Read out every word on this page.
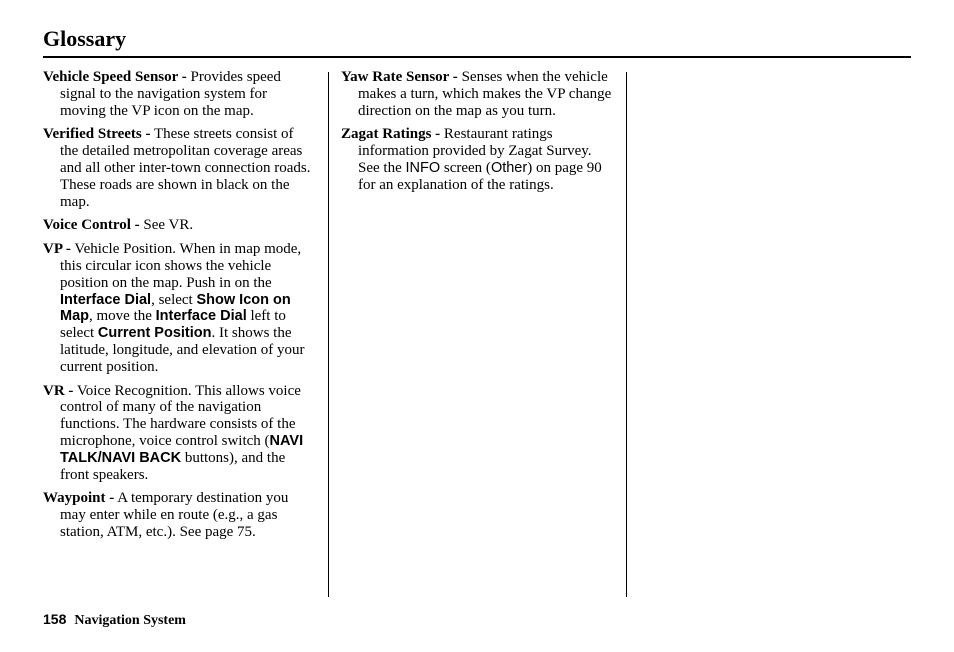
Glossary

Vehicle Speed Sensor - Provides speed signal to the navigation system for moving the VP icon on the map.

Verified Streets - These streets consist of the detailed metropolitan coverage areas and all other inter-town connection roads. These roads are shown in black on the map.

Voice Control - See VR.

VP - Vehicle Position. When in map mode, this circular icon shows the vehicle position on the map. Push in on the Interface Dial, select Show Icon on Map, move the Interface Dial left to select Current Position. It shows the latitude, longitude, and elevation of your current position.

VR - Voice Recognition. This allows voice control of many of the navigation functions. The hardware consists of the microphone, voice control switch (NAVI TALK/NAVI BACK buttons), and the front speakers.

Waypoint - A temporary destination you may enter while en route (e.g., a gas station, ATM, etc.). See page 75.

Yaw Rate Sensor - Senses when the vehicle makes a turn, which makes the VP change direction on the map as you turn.

Zagat Ratings - Restaurant ratings information provided by Zagat Survey. See the INFO screen (Other) on page 90 for an explanation of the ratings.

158 Navigation System
